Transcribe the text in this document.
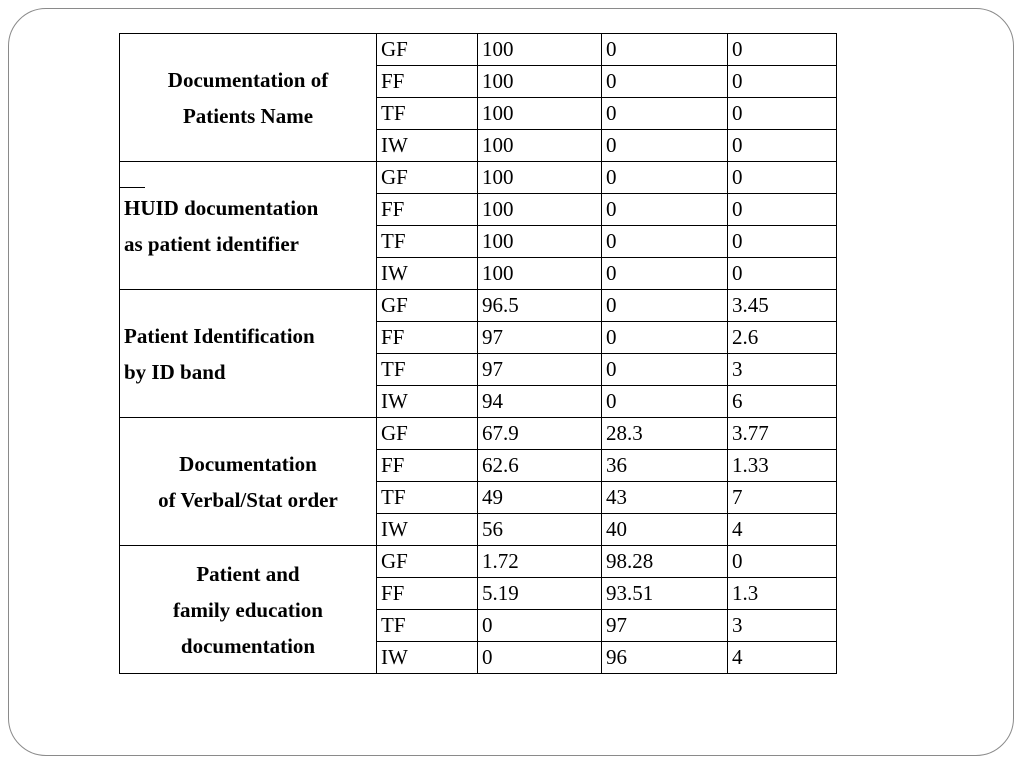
Documentation of
Patients Name	GF	100	0	0
	FF	100	0	0
	TF	100	0	0
	IW	100	0	0

HUID documentation
as patient identifier	GF	100	0	0
	FF	100	0	0
	TF	100	0	0
	IW	100	0	0

Patient Identification
by ID band	GF	96.5	0	3.45
	FF	97	0	2.6
	TF	97	0	3
	IW	94	0	6

Documentation
of Verbal/Stat order	GF	67.9	28.3	3.77
	FF	62.6	36	1.33
	TF	49	43	7
	IW	56	40	4

Patient and
family education
documentation	GF	1.72	98.28	0
	FF	5.19	93.51	1.3
	TF	0	97	3
	IW	0	96	4
